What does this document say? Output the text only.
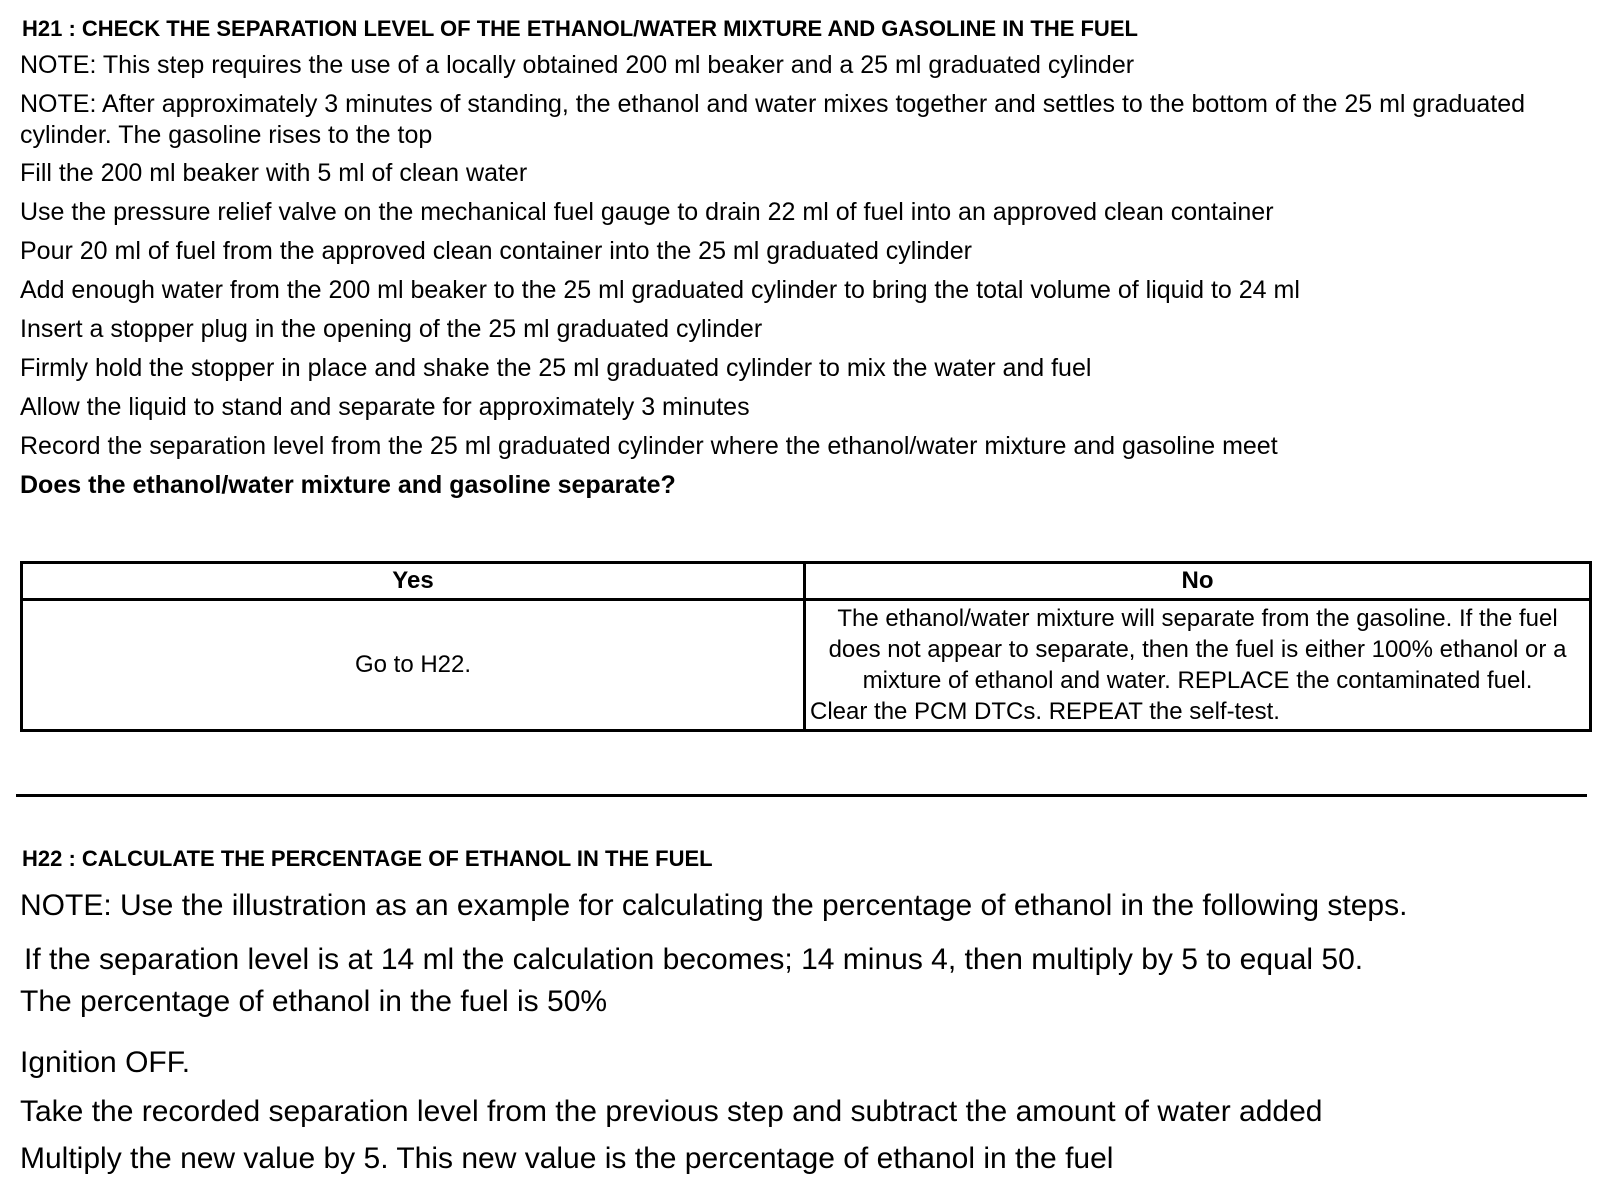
H21 : CHECK THE SEPARATION LEVEL OF THE ETHANOL/WATER MIXTURE AND GASOLINE IN THE FUEL

NOTE: This step requires the use of a locally obtained 200 ml beaker and a 25 ml graduated cylinder

NOTE: After approximately 3 minutes of standing, the ethanol and water mixes together and settles to the bottom of the 25 ml graduated cylinder. The gasoline rises to the top

Fill the 200 ml beaker with 5 ml of clean water

Use the pressure relief valve on the mechanical fuel gauge to drain 22 ml of fuel into an approved clean container

Pour 20 ml of fuel from the approved clean container into the 25 ml graduated cylinder

Add enough water from the 200 ml beaker to the 25 ml graduated cylinder to bring the total volume of liquid to 24 ml

Insert a stopper plug in the opening of the 25 ml graduated cylinder

Firmly hold the stopper in place and shake the 25 ml graduated cylinder to mix the water and fuel

Allow the liquid to stand and separate for approximately 3 minutes

Record the separation level from the 25 ml graduated cylinder where the ethanol/water mixture and gasoline meet

Does the ethanol/water mixture and gasoline separate?

Yes	No
Go to H22.	The ethanol/water mixture will separate from the gasoline. If the fuel does not appear to separate, then the fuel is either 100% ethanol or a mixture of ethanol and water. REPLACE the contaminated fuel.
Clear the PCM DTCs. REPEAT the self-test.
H22 : CALCULATE THE PERCENTAGE OF ETHANOL IN THE FUEL

NOTE: Use the illustration as an example for calculating the percentage of ethanol in the following steps.

If the separation level is at 14 ml the calculation becomes; 14 minus 4, then multiply by 5 to equal 50.

The percentage of ethanol in the fuel is 50%

Ignition OFF.

Take the recorded separation level from the previous step and subtract the amount of water added

Multiply the new value by 5. This new value is the percentage of ethanol in the fuel
